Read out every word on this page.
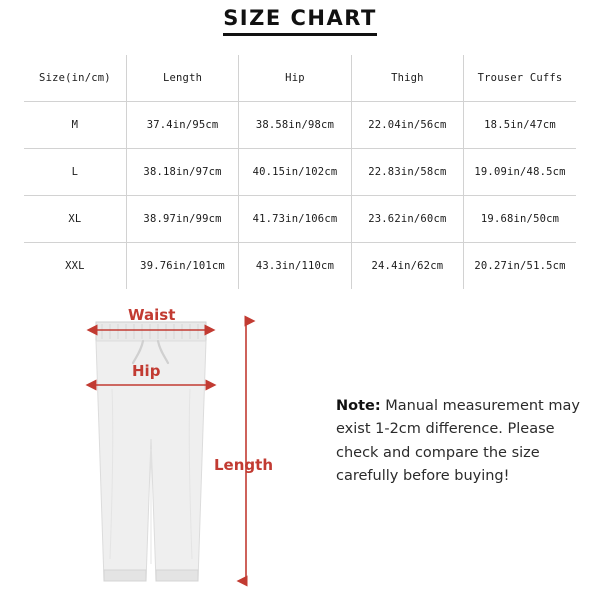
SIZE CHART
Size(in/cm)	Length	Hip	Thigh	Trouser Cuffs
M	37.4in/95cm	38.58in/98cm	22.04in/56cm	18.5in/47cm
L	38.18in/97cm	40.15in/102cm	22.83in/58cm	19.09in/48.5cm
XL	38.97in/99cm	41.73in/106cm	23.62in/60cm	19.68in/50cm
XXL	39.76in/101cm	43.3in/110cm	24.4in/62cm	20.27in/51.5cm
Waist
Hip
Length
Note: Manual measurement may exist 1-2cm difference. Please check and compare the size carefully before buying!
